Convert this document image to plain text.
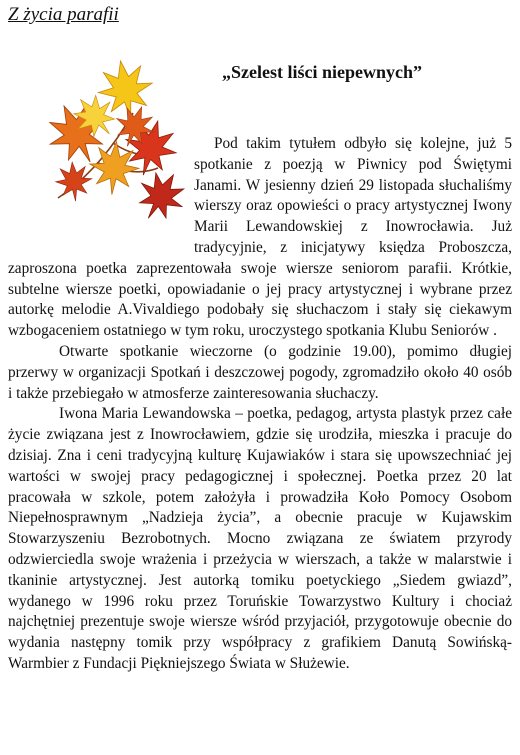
Z życia parafii
„Szelest liści niepewnych”

Pod takim tytułem odbyło się kolejne, już 5 spotkanie z poezją w Piwnicy pod Świętymi Janami. W jesienny dzień 29 listopada słuchaliśmy wierszy oraz opowieści o pracy artystycznej Iwony Marii Lewandowskiej z Inowrocławia. Już tradycyjnie, z inicjatywy księdza Proboszcza, zaproszona poetka zaprezentowała swoje wiersze seniorom parafii. Krótkie, subtelne wiersze poetki, opowiadanie o jej pracy artystycznej i wybrane przez autorkę melodie A.Vivaldiego podobały się słuchaczom i stały się ciekawym wzbogaceniem ostatniego w tym roku, uroczystego spotkania Klubu Seniorów .

Otwarte spotkanie wieczorne (o godzinie 19.00), pomimo długiej przerwy w organizacji Spotkań i deszczowej pogody, zgromadziło około 40 osób i także przebiegało w atmosferze zainteresowania słuchaczy.

Iwona Maria Lewandowska – poetka, pedagog, artysta plastyk przez całe życie związana jest z Inowrocławiem, gdzie się urodziła, mieszka i pracuje do dzisiaj. Zna i ceni tradycyjną kulturę Kujawiaków i stara się upowszechniać jej wartości w swojej pracy pedagogicznej i społecznej. Poetka przez 20 lat pracowała w szkole, potem założyła i prowadziła Koło Pomocy Osobom Niepełnosprawnym „Nadzieja życia”, a obecnie pracuje w Kujawskim Stowarzyszeniu Bezrobotnych. Mocno związana ze światem przyrody odzwierciedla swoje wrażenia i przeżycia w wierszach, a także w malarstwie i tkaninie artystycznej. Jest autorką tomiku poetyckiego „Siedem gwiazd”, wydanego w 1996 roku przez Toruńskie Towarzystwo Kultury i chociaż najchętniej prezentuje swoje wiersze wśród przyjaciół, przygotowuje obecnie do wydania następny tomik przy współpracy z grafikiem Danutą Sowińską-Warmbier z Fundacji Piękniejszego Świata w Służewie.
